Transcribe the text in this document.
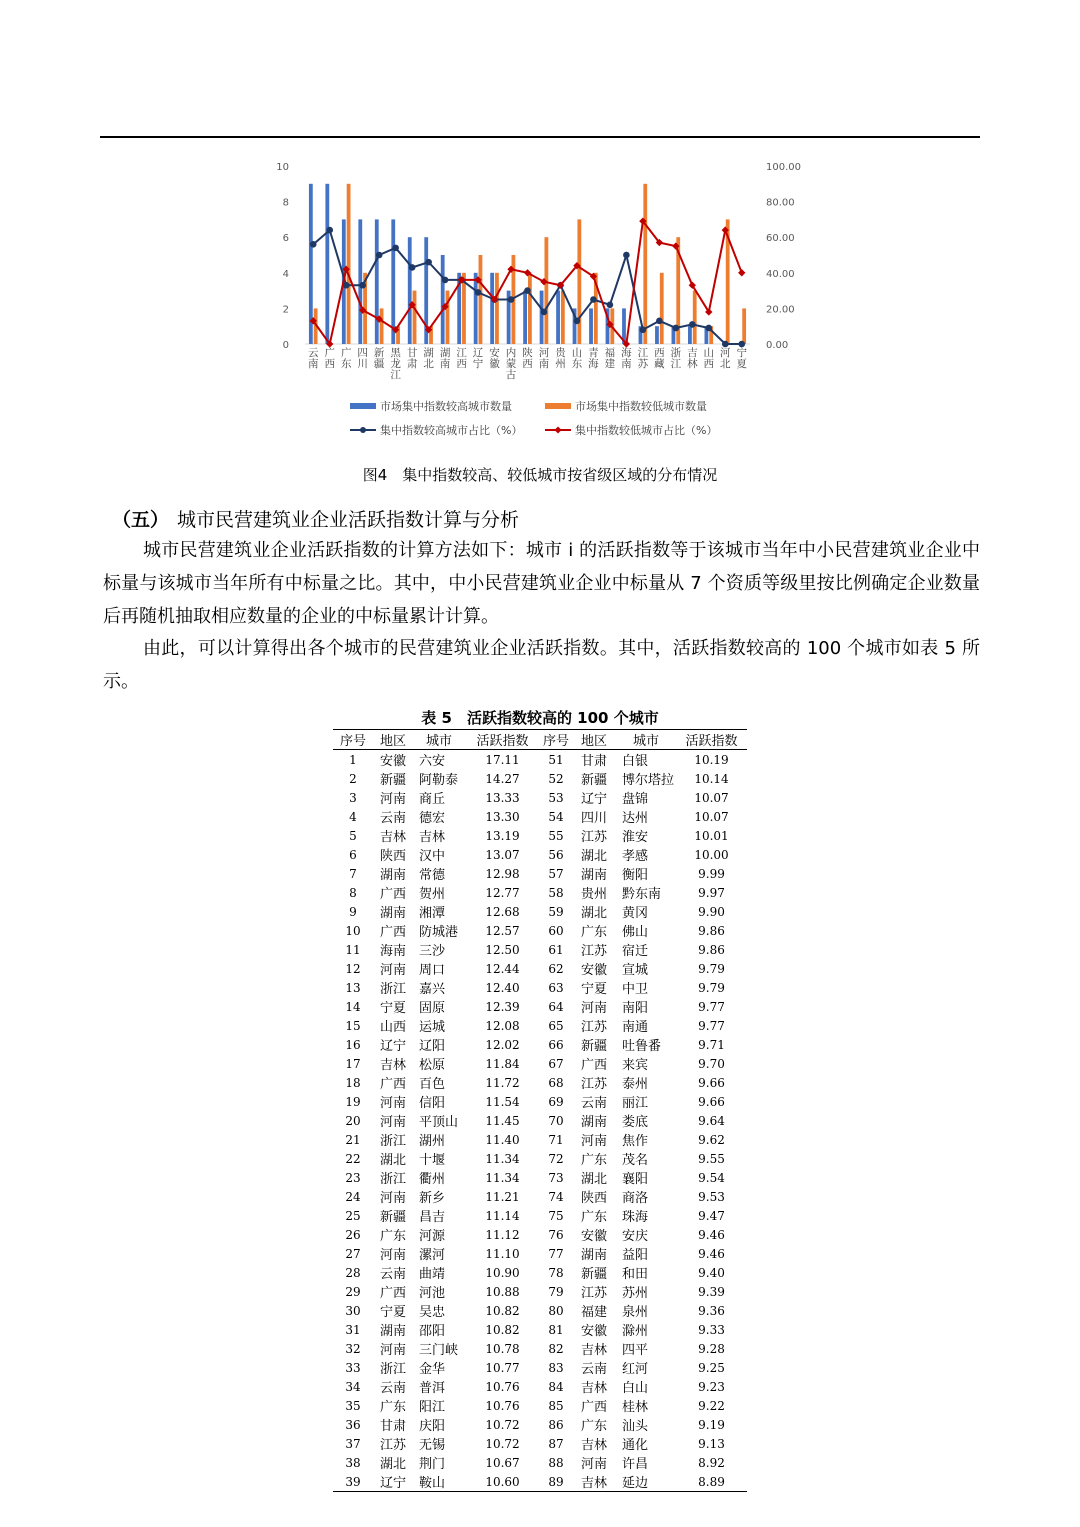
0
2
4
6
8
10
0.00
20.00
40.00
60.00
80.00
100.00
云南
广西
广东
四川
新疆
黑龙江
甘肃
湖北
湖南
江西
辽宁
安徽
内蒙古
陕西
河南
贵州
山东
青海
福建
海南
江苏
西藏
浙江
吉林
山西
河北
宁夏
市场集中指数较高城市数量	市场集中指数较低城市数量
集中指数较高城市占比（%）	集中指数较低城市占比（%）
图4　集中指数较高、较低城市按省级区域的分布情况
（五） 城市民营建筑业企业活跃指数计算与分析
城市民营建筑业企业活跃指数的计算方法如下：城市 i 的活跃指数等于该城市当年中小民营建筑业企业中标量与该城市当年所有中标量之比。其中，中小民营建筑业企业中标量从 7 个资质等级里按比例确定企业数量后再随机抽取相应数量的企业的中标量累计计算。
由此，可以计算得出各个城市的民营建筑业企业活跃指数。其中，活跃指数较高的 100 个城市如表 5 所示。
表 5　活跃指数较高的 100 个城市
序号	地区	城市	活跃指数	序号	地区	城市	活跃指数
1	安徽	六安	17.11	51	甘肃	白银	10.19
2	新疆	阿勒泰	14.27	52	新疆	博尔塔拉	10.14
3	河南	商丘	13.33	53	辽宁	盘锦	10.07
4	云南	德宏	13.30	54	四川	达州	10.07
5	吉林	吉林	13.19	55	江苏	淮安	10.01
6	陕西	汉中	13.07	56	湖北	孝感	10.00
7	湖南	常德	12.98	57	湖南	衡阳	9.99
8	广西	贺州	12.77	58	贵州	黔东南	9.97
9	湖南	湘潭	12.68	59	湖北	黄冈	9.90
10	广西	防城港	12.57	60	广东	佛山	9.86
11	海南	三沙	12.50	61	江苏	宿迁	9.86
12	河南	周口	12.44	62	安徽	宣城	9.79
13	浙江	嘉兴	12.40	63	宁夏	中卫	9.79
14	宁夏	固原	12.39	64	河南	南阳	9.77
15	山西	运城	12.08	65	江苏	南通	9.77
16	辽宁	辽阳	12.02	66	新疆	吐鲁番	9.71
17	吉林	松原	11.84	67	广西	来宾	9.70
18	广西	百色	11.72	68	江苏	泰州	9.66
19	河南	信阳	11.54	69	云南	丽江	9.66
20	河南	平顶山	11.45	70	湖南	娄底	9.64
21	浙江	湖州	11.40	71	河南	焦作	9.62
22	湖北	十堰	11.34	72	广东	茂名	9.55
23	浙江	衢州	11.34	73	湖北	襄阳	9.54
24	河南	新乡	11.21	74	陕西	商洛	9.53
25	新疆	昌吉	11.14	75	广东	珠海	9.47
26	广东	河源	11.12	76	安徽	安庆	9.46
27	河南	漯河	11.10	77	湖南	益阳	9.46
28	云南	曲靖	10.90	78	新疆	和田	9.40
29	广西	河池	10.88	79	江苏	苏州	9.39
30	宁夏	吴忠	10.82	80	福建	泉州	9.36
31	湖南	邵阳	10.82	81	安徽	滁州	9.33
32	河南	三门峡	10.78	82	吉林	四平	9.28
33	浙江	金华	10.77	83	云南	红河	9.25
34	云南	普洱	10.76	84	吉林	白山	9.23
35	广东	阳江	10.76	85	广西	桂林	9.22
36	甘肃	庆阳	10.72	86	广东	汕头	9.19
37	江苏	无锡	10.72	87	吉林	通化	9.13
38	湖北	荆门	10.67	88	河南	许昌	8.92
39	辽宁	鞍山	10.60	89	吉林	延边	8.89
